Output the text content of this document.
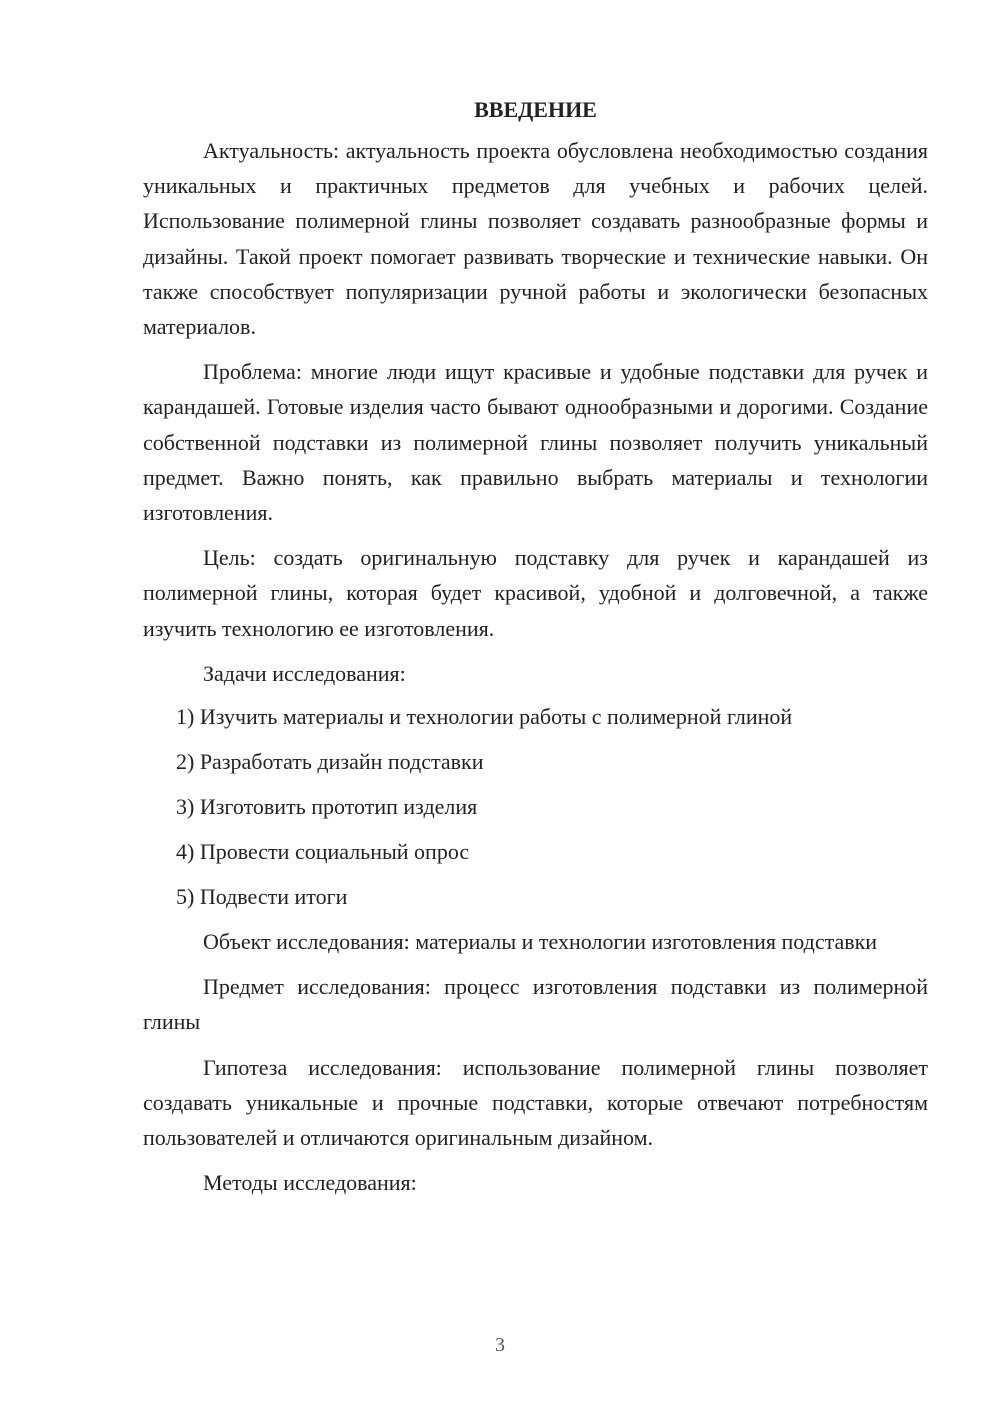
ВВЕДЕНИЕ

Актуальность: актуальность проекта обусловлена необходимостью создания уникальных и практичных предметов для учебных и рабочих целей. Использование полимерной глины позволяет создавать разнообразные формы и дизайны. Такой проект помогает развивать творческие и технические навыки. Он также способствует популяризации ручной работы и экологически безопасных материалов.

Проблема: многие люди ищут красивые и удобные подставки для ручек и карандашей. Готовые изделия часто бывают однообразными и дорогими. Создание собственной подставки из полимерной глины позволяет получить уникальный предмет. Важно понять, как правильно выбрать материалы и технологии изготовления.

Цель: создать оригинальную подставку для ручек и карандашей из полимерной глины, которая будет красивой, удобной и долговечной, а также изучить технологию ее изготовления.

Задачи исследования:

1) Изучить материалы и технологии работы с полимерной глиной

2) Разработать дизайн подставки

3) Изготовить прототип изделия

4) Провести социальный опрос

5) Подвести итоги

Объект исследования: материалы и технологии изготовления подставки

Предмет исследования: процесс изготовления подставки из полимерной глины

Гипотеза исследования: использование полимерной глины позволяет создавать уникальные и прочные подставки, которые отвечают потребностям пользователей и отличаются оригинальным дизайном.

Методы исследования:

3
